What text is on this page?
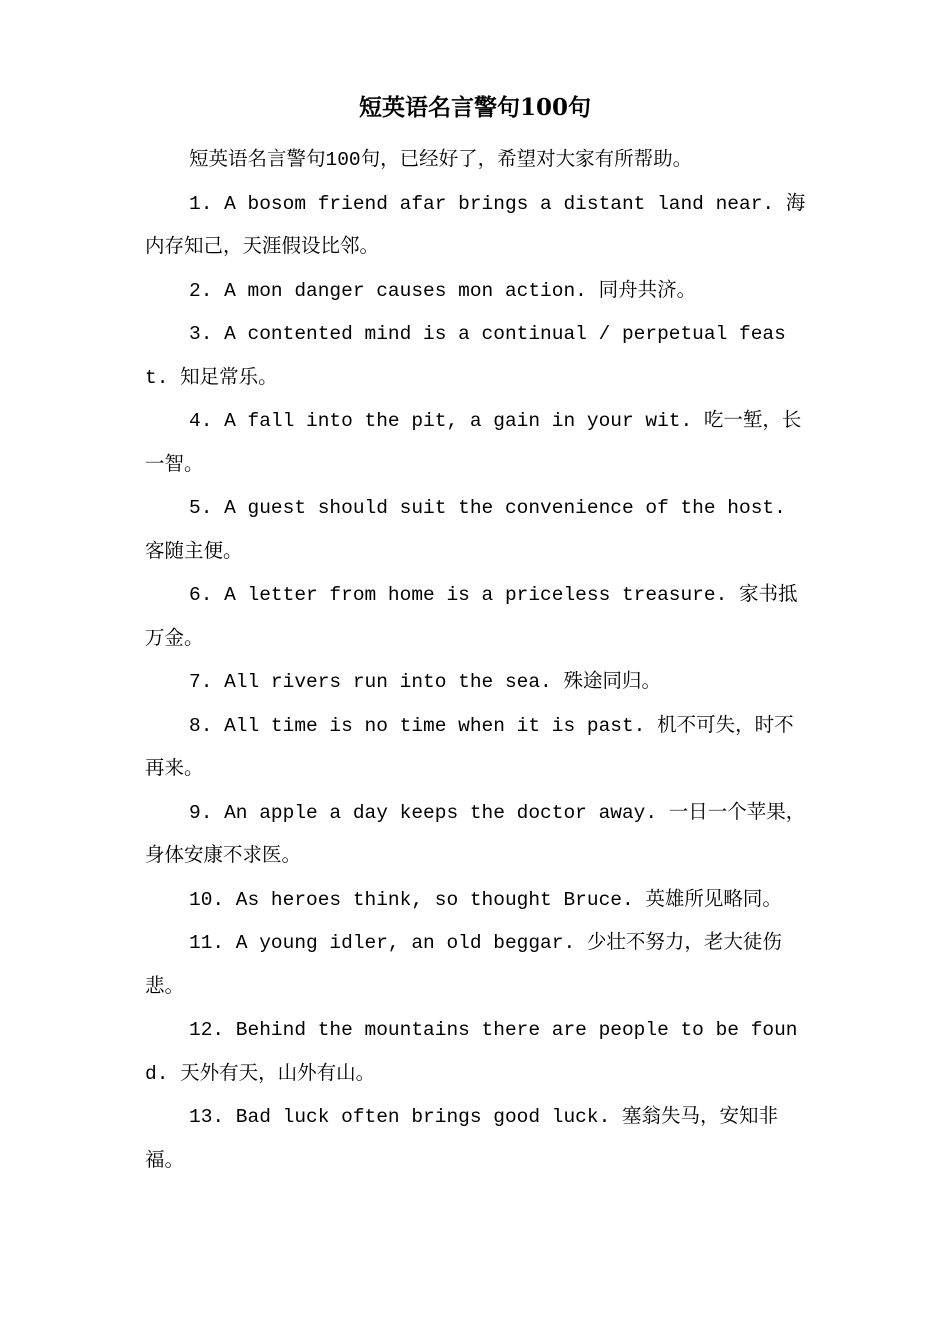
短英语名言警句100句

短英语名言警句100句，已经好了，希望对大家有所帮助。

1. A bosom friend afar brings a distant land near. 海内存知己，天涯假设比邻。

2. A mon danger causes mon action. 同舟共济。

3. A contented mind is a continual / perpetual feast. 知足常乐。

4. A fall into the pit, a gain in your wit. 吃一堑，长一智。

5. A guest should suit the convenience of the host. 客随主便。

6. A letter from home is a priceless treasure. 家书抵万金。

7. All rivers run into the sea. 殊途同归。

8. All time is no time when it is past. 机不可失，时不再来。

9. An apple a day keeps the doctor away. 一日一个苹果，身体安康不求医。

10. As heroes think, so thought Bruce. 英雄所见略同。

11. A young idler, an old beggar. 少壮不努力，老大徒伤悲。

12. Behind the mountains there are people to be found. 天外有天，山外有山。

13. Bad luck often brings good luck. 塞翁失马，安知非福。
